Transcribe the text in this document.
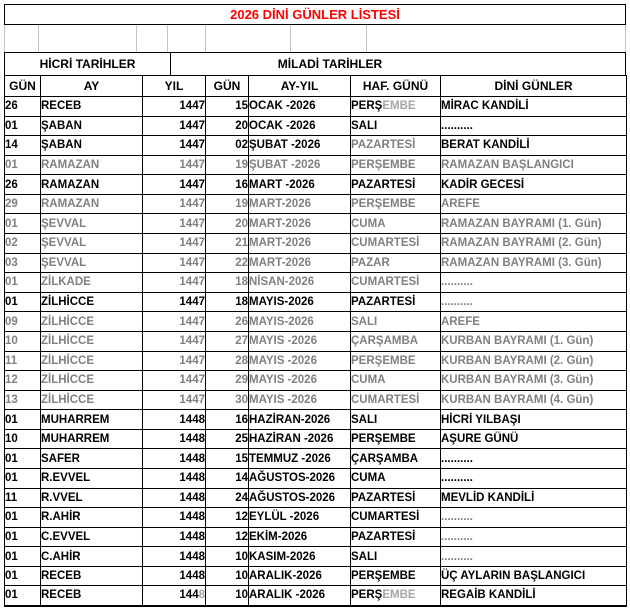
2026 DİNİ GÜNLER LİSTESİ
HİCRİ TARİHLER	MİLADİ TARİHLER
GÜN	AY	YIL	GÜN	AY-YIL	HAF. GÜNÜ	DİNİ GÜNLER
26	RECEB	1447	15	OCAK -2026	PERŞEMBE	MİRAC KANDİLİ
01	ŞABAN	1447	20	OCAK -2026	SALI	..........
14	ŞABAN	1447	02	ŞUBAT -2026	PAZARTESİ	BERAT KANDİLİ
01	RAMAZAN	1447	19	ŞUBAT -2026	PERŞEMBE	RAMAZAN BAŞLANGICI
26	RAMAZAN	1447	16	MART -2026	PAZARTESİ	KADİR GECESİ
29	RAMAZAN	1447	19	MART-2026	PERŞEMBE	AREFE
01	ŞEVVAL	1447	20	MART-2026	CUMA	RAMAZAN BAYRAMI (1. Gün)
02	ŞEVVAL	1447	21	MART-2026	CUMARTESİ	RAMAZAN BAYRAMI (2. Gün)
03	ŞEVVAL	1447	22	MART-2026	PAZAR	RAMAZAN BAYRAMI (3. Gün)
01	ZİLKADE	1447	18	NİSAN-2026	CUMARTESİ	..........
01	ZİLHİCCE	1447	18	MAYIS-2026	PAZARTESİ	..........
09	ZİLHİCCE	1447	26	MAYIS-2026	SALI	AREFE
10	ZİLHİCCE	1447	27	MAYIS -2026	ÇARŞAMBA	KURBAN BAYRAMI (1. Gün)
11	ZİLHİCCE	1447	28	MAYIS -2026	PERŞEMBE	KURBAN BAYRAMI (2. Gün)
12	ZİLHİCCE	1447	29	MAYIS -2026	CUMA	KURBAN BAYRAMI (3. Gün)
13	ZİLHİCCE	1447	30	MAYIS -2026	CUMARTESİ	KURBAN BAYRAMI (4. Gün)
01	MUHARREM	1448	16	HAZİRAN-2026	SALI	HİCRİ YILBAŞI
10	MUHARREM	1448	25	HAZİRAN -2026	PERŞEMBE	AŞURE GÜNÜ
01	SAFER	1448	15	TEMMUZ -2026	ÇARŞAMBA	..........
01	R.EVVEL	1448	14	AĞUSTOS-2026	CUMA	..........
11	R.VVEL	1448	24	AĞUSTOS-2026	PAZARTESİ	MEVLİD KANDİLİ
01	R.AHİR	1448	12	EYLÜL -2026	CUMARTESİ	..........
01	C.EVVEL	1448	12	EKİM-2026	PAZARTESİ	..........
01	C.AHİR	1448	10	KASIM-2026	SALI	..........
01	RECEB	1448	10	ARALIK-2026	PERŞEMBE	ÜÇ AYLARIN BAŞLANGICI
01	RECEB	1448	10	ARALIK -2026	PERŞEMBE	REGAİB KANDİLİ
